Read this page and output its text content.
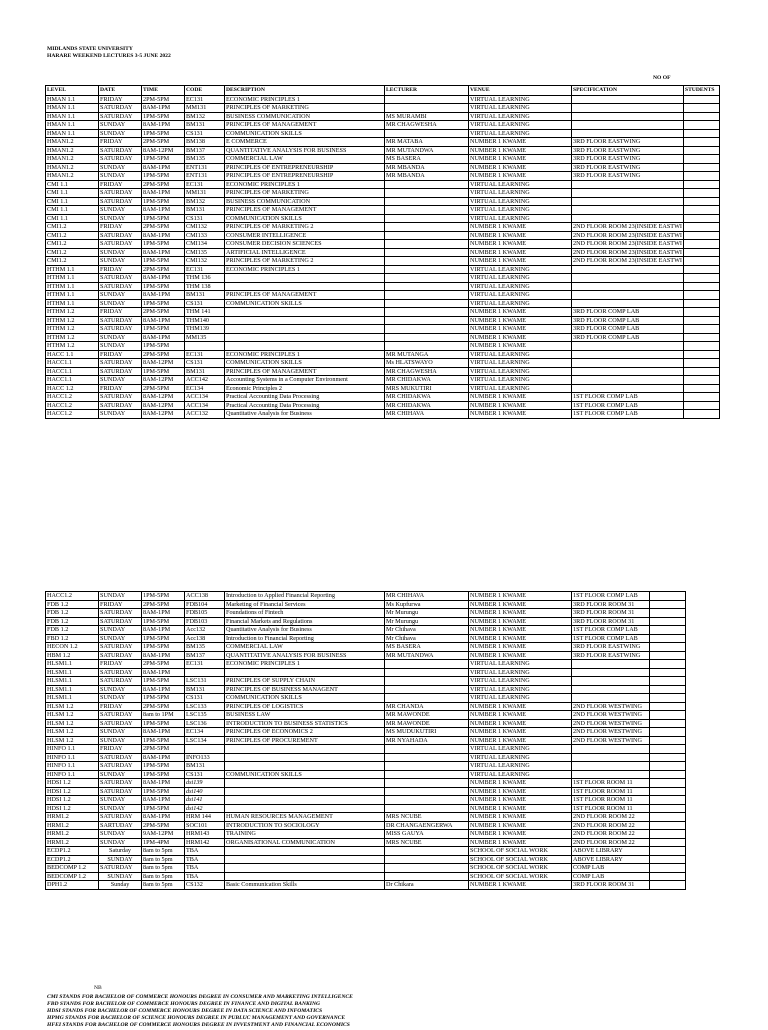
MIDLANDS STATE UNIVERSITY
HARARE WEEKEND LECTURES 3-5 JUNE 2022
NO OF
LEVEL	DATE	TIME	CODE	DESCRIPTION	LECTURER	VENUE	SPECIFICATION	STUDENTS
HMAN 1.1	FRIDAY	2PM-5PM	EC131	ECONOMIC PRINCIPLES 1		VIRTUAL LEARNING		
HMAN 1.1	SATURDAY	8AM-1PM	MM131	PRINCIPLES OF MARKETING		VIRTUAL LEARNING		
HMAN 1.1	SATURDAY	1PM-5PM	BM132	BUSINESS COMMUNICATION	MS MURAMBI	VIRTUAL LEARNING		
HMAN 1.1	SUNDAY	8AM-1PM	BM131	PRINCIPLES OF MANAGEMENT	MR CHAGWESHA	VIRTUAL LEARNING		
HMAN 1.1	SUNDAY	1PM-5PM	CS131	COMMUNICATION SKILLS		VIRTUAL LEARNING		
HMAN1.2	FRIDAY	2PM-5PM	BM138	E COMMERCE	MR MATABA	NUMBER 1 KWAME	3RD FLOOR EASTWING	
HMAN1.2	SATURDAY	8AM-12PM	BM137	QUANTITATIVE ANALYSIS FOR BUSINESS	MR MUTANDWA	NUMBER 1 KWAME	3RD FLOOR EASTWING	
HMAN1.2	SATURDAY	1PM-5PM	BM135	COMMERCIAL LAW	MS BASERA	NUMBER 1 KWAME	3RD FLOOR EASTWING	
HMAN1.2	SUNDAY	8AM-1PM	ENT131	PRINCIPLES OF ENTREPRENEURSHIP	MR MBANDA	NUMBER 1 KWAME	3RD FLOOR EASTWING	
HMAN1.2	SUNDAY	1PM-5PM	ENT131	PRINCIPLES OF ENTREPRENEURSHIP	MR MBANDA	NUMBER 1 KWAME	3RD FLOOR EASTWING	
CMI 1.1	FRIDAY	2PM-5PM	EC131	ECONOMIC PRINCIPLES 1		VIRTUAL LEARNING		
CMI 1.1	SATURDAY	8AM-1PM	MM131	PRINCIPLES OF MARKETING		VIRTUAL LEARNING		
CMI 1.1	SATURDAY	1PM-5PM	BM132	BUSINESS COMMUNICATION		VIRTUAL LEARNING		
CMI 1.1	SUNDAY	8AM-1PM	BM131	PRINCIPLES OF MANAGEMENT		VIRTUAL LEARNING		
CMI 1.1	SUNDAY	1PM-5PM	CS131	COMMUNICATION SKILLS		VIRTUAL LEARNING		
CMI1.2	FRIDAY	2PM-5PM	CMI132	PRINCIPLES OF MARKETING 2		NUMBER 1 KWAME	2ND FLOOR ROOM 23(INSIDE EASTWI	
CMI1.2	SATURDAY	8AM-1PM	CMI133	CONSUMER INTELLIGENCE		NUMBER 1 KWAME	2ND FLOOR ROOM 23(INSIDE EASTWI	
CMI1.2	SATURDAY	1PM-5PM	CMI134	CONSUMER DECISION SCIENCES		NUMBER 1 KWAME	2ND FLOOR ROOM 23(INSIDE EASTWI	
CMI1.2	SUNDAY	8AM-1PM	CMI135	ARTIFICIAL INTELLIGENCE		NUMBER 1 KWAME	2ND FLOOR ROOM 23(INSIDE EASTWI	
CMI1.2	SUNDAY	1PM-5PM	CMI132	PRINCIPLES OF MARKETING 2		NUMBER 1 KWAME	2ND FLOOR ROOM 23(INSIDE EASTWI	
HTHM 1.1	FRIDAY	2PM-5PM	EC131	ECONOMIC PRINCIPLES 1		VIRTUAL LEARNING		
HTHM 1.1	SATURDAY	8AM-1PM	THM 136			VIRTUAL LEARNING		
HTHM 1.1	SATURDAY	1PM-5PM	THM 138			VIRTUAL LEARNING		
HTHM 1.1	SUNDAY	8AM-1PM	BM131	PRINCIPLES OF MANAGEMENT		VIRTUAL LEARNING		
HTHM 1.1	SUNDAY	1PM-5PM	CS131	COMMUNICATION SKILLS		VIRTUAL LEARNING		
HTHM 1.2	FRIDAY	2PM-5PM	THM 141			NUMBER 1 KWAME	3RD FLOOR COMP LAB	
HTHM 1.2	SATURDAY	8AM-1PM	THM140			NUMBER 1 KWAME	3RD FLOOR COMP LAB	
HTHM 1.2	SATURDAY	1PM-5PM	THM139			NUMBER 1 KWAME	3RD FLOOR COMP LAB	
HTHM 1.2	SUNDAY	8AM-1PM	MM135			NUMBER 1 KWAME	3RD FLOOR COMP LAB	
HTHM 1.2	SUNDAY	1PM-5PM				NUMBER 1 KWAME		
HACC 1.1	FRIDAY	2PM-5PM	EC131	ECONOMIC PRINCIPLES 1	MR MUTANGA	VIRTUAL LEARNING		
HACC1.1	SATURDAY	8AM-12PM	CS131	COMMUNICATION SKILLS	Ms HLATSWAYO	VIRTUAL LEARNING		
HACC1.1	SATURDAY	1PM-5PM	BM131	PRINCIPLES OF MANAGEMENT	MR CHAGWESHA	VIRTUAL LEARNING		
HACC1.1	SUNDAY	8AM-12PM	ACC142	Accounting Systems in a Computer Environment	MR CHIDAKWA	VIRTUAL LEARNING		
HACC 1.2	FRIDAY	2PM-5PM	EC134	Economic Principles 2	MRS MUKUTIRI	VIRTUAL LEARNING		
HACC1.2	SATURDAY	8AM-12PM	ACC134	Practical Accounting Data Processing	MR CHIDAKWA	NUMBER 1 KWAME	1ST FLOOR COMP LAB	
HACC1.2	SATURDAY	8AM-12PM	ACC134	Practical Accounting Data Processing	MR CHIDAKWA	NUMBER 1 KWAME	1ST FLOOR COMP LAB	
HACC1.2	SUNDAY	8AM-12PM	ACC132	Quantitative Analysis for Business	MR CHIHAVA	NUMBER 1 KWAME	1ST FLOOR COMP LAB	
HACC1.2	SUNDAY	1PM-5PM	ACC138	Introduction to Applied Financial Reporting	MR CHIHAVA	NUMBER 1 KWAME	1ST FLOOR COMP LAB	
FDB 1.2	FRIDAY	2PM-5PM	FDB104	Marketing of Financial Services	Ms Kupfurwa	NUMBER 1 KWAME	3RD FLOOR ROOM 31	
FDB 1.2	SATURDAY	8AM-1PM	FDB105	Foundations of Fintech	Mr Murungu	NUMBER 1 KWAME	3RD FLOOR ROOM 31	
FDB 1.2	SATURDAY	1PM-5PM	FDB103	Financial Markets and Regulations	Mr Murungu	NUMBER 1 KWAME	3RD FLOOR ROOM 31	
FDB 1.2	SUNDAY	8AM-1PM	Acc132	Quantitative Analysis for Business	Mr Chihava	NUMBER 1 KWAME	1ST FLOOR COMP LAB	
FBD 1.2	SUNDAY	1PM-5PM	Acc138	Introduction to Financial Reporting	Mr Chihava	NUMBER 1 KWAME	1ST FLOOR COMP LAB	
HECON 1.2	SATURDAY	1PM-5PM	BM135	COMMERCIAL LAW	MS BASERA	NUMBER 1 KWAME	3RD FLOOR EASTWING	
HBM 1.2	SATURDAY	8AM-1PM	BM137	QUANTITATIVE ANALYSIS FOR BUSINESS	MR MUTANDWA	NUMBER 1 KWAME	3RD FLOOR EASTWING	
HLSM1.1	FRIDAY	2PM-5PM	EC131	ECONOMIC PRINCIPLES 1		VIRTUAL LEARNING		
HLSM1.1	SATURDAY	8AM-1PM				VIRTUAL LEARNING		
HLSM1.1	SATURDAY	1PM-5PM	LSC131	PRINCIPLES OF SUPPLY CHAIN		VIRTUAL LEARNING		
HLSM1.1	SUNDAY	8AM-1PM	BM131	PRINCIPLES OF BUSINESS MANAGENT		VIRTUAL LEARNING		
HLSM1.1	SUNDAY	1PM-5PM	CS131	COMMUNICATION SKILLS		VIRTUAL LEARNING		
HLSM 1.2	FRIDAY	2PM-5PM	LSC133	PRINCIPLES OF LOGISTICS	MR CHANDA	NUMBER 1 KWAME	2ND FLOOR WESTWING	
HLSM 1.2	SATURDAY	8am to 1PM	LSC135	BUSINESS LAW	MR MAWONDE	NUMBER 1 KWAME	2ND FLOOR WESTWING	
HLSM 1.2	SATURDAY	1PM-5PM	LSC136	INTRODUCTION TO BUSINESS STATISTICS	MR MAWONDE	NUMBER 1 KWAME	2ND FLOOR WESTWING	
HLSM 1.2	SUNDAY	8AM-1PM	EC134	PRINCIPLES OF ECONOMICS 2	MS MUDUKUTIRI	NUMBER 1 KWAME	2ND FLOOR WESTWING	
HLSM 1.2	SUNDAY	1PM-5PM	LSC134	PRINCIPLES OF PROCUREMENT	MR NYAHADA	NUMBER 1 KWAME	2ND FLOOR WESTWING	
HINFO 1.1	FRIDAY	2PM-5PM				VIRTUAL LEARNING		
HINFO 1.1	SATURDAY	8AM-1PM	INFO133			VIRTUAL LEARNING		
HINFO 1.1	SATURDAY	1PM-5PM	BM131			VIRTUAL LEARNING		
HINFO 1.1	SUNDAY	1PM-5PM	CS131	COMMUNICATION SKILLS		VIRTUAL LEARNING		
HDSI 1.2	SATURDAY	8AM-1PM	dsi139			NUMBER 1 KWAME	1ST FLOOR ROOM 11	
HDSI 1.2	SATURDAY	1PM-5PM	dsi140			NUMBER 1 KWAME	1ST FLOOR ROOM 11	
HDSI 1.2	SUNDAY	8AM-1PM	dsi141			NUMBER 1 KWAME	1ST FLOOR ROOM 11	
HDSI 1.2	SUNDAY	1PM-5PM	dsi142			NUMBER 1 KWAME	1ST FLOOR ROOM 11	
HRM1.2	SATURDAY	8AM-1PM	HRM 144	HUMAN RESOURCES MANAGEMENT	MRS NCUBE	NUMBER 1 KWAME	2ND FLOOR ROOM 22	
HRM1.2	SARTUDAY	2PM-5PM	SOC101	INTRODUCTION TO SOCIOLOGY	DR CHANGAENGERWA	NUMBER 1 KWAME	2ND FLOOR ROOM 22	
HRM1.2	SUNDAY	9AM-12PM	HRM143	TRAINING	MISS GAUYA	NUMBER 1 KWAME	2ND FLOOR ROOM 22	
HRM1.2	SUNDAY	1PM-4PM	HRM142	ORGANISATIONAL COMMUNICATION	MRS NCUBE	NUMBER 1 KWAME	2ND FLOOR ROOM 22	
ECDP1.2	Saturday	8am to 5pm	TBA			SCHOOL OF SOCIAL WORK	ABOVE LIBRARY	
ECDP1.2	SUNDAY	8am to 5pm	TBA			SCHOOL OF SOCIAL WORK	ABOVE LIBRARY	
BEDCOMP 1.2	SATURDAY	8am to 5pm	TBA			SCHOOL OF SOCIAL WORK	COMP LAB	
BEDCOMP 1.2	SUNDAY	8am to 5pm	TBA			SCHOOL OF SOCIAL WORK	COMP LAB	
DPH1.2	Sunday	8am to 5pm	CS132	Basic Communication Skills	Dr Chikara	NUMBER 1 KWAME	3RD FLOOR ROOM 31	
NB
CMI STANDS FOR BACHELOR OF COMMERCE HONOURS DEGREE IN CONSUMER AND MARKETING INTELLIGENCE
FBD STANDS FOR BACHELOR OF COMMERCE HONOURS DEGREE IN FINANCE AND DIGITAL BANKING
HDSI STANDS FOR BACHELOR OF COMMERCE HONOURS DEGREE IN DATA SCIENCE AND INFOMATICS
HPMG STANDS FOR BACHELOR OF SCIENCE HONOURS DEGREE IN PUBLUC MANAGEMENT AND GOVERNANCE
HFEI STANDS FOR BACHELOR OF COMMERCE HONOURS DEGREE IN INVESTMENT AND FINANCIAL ECONOMICS
